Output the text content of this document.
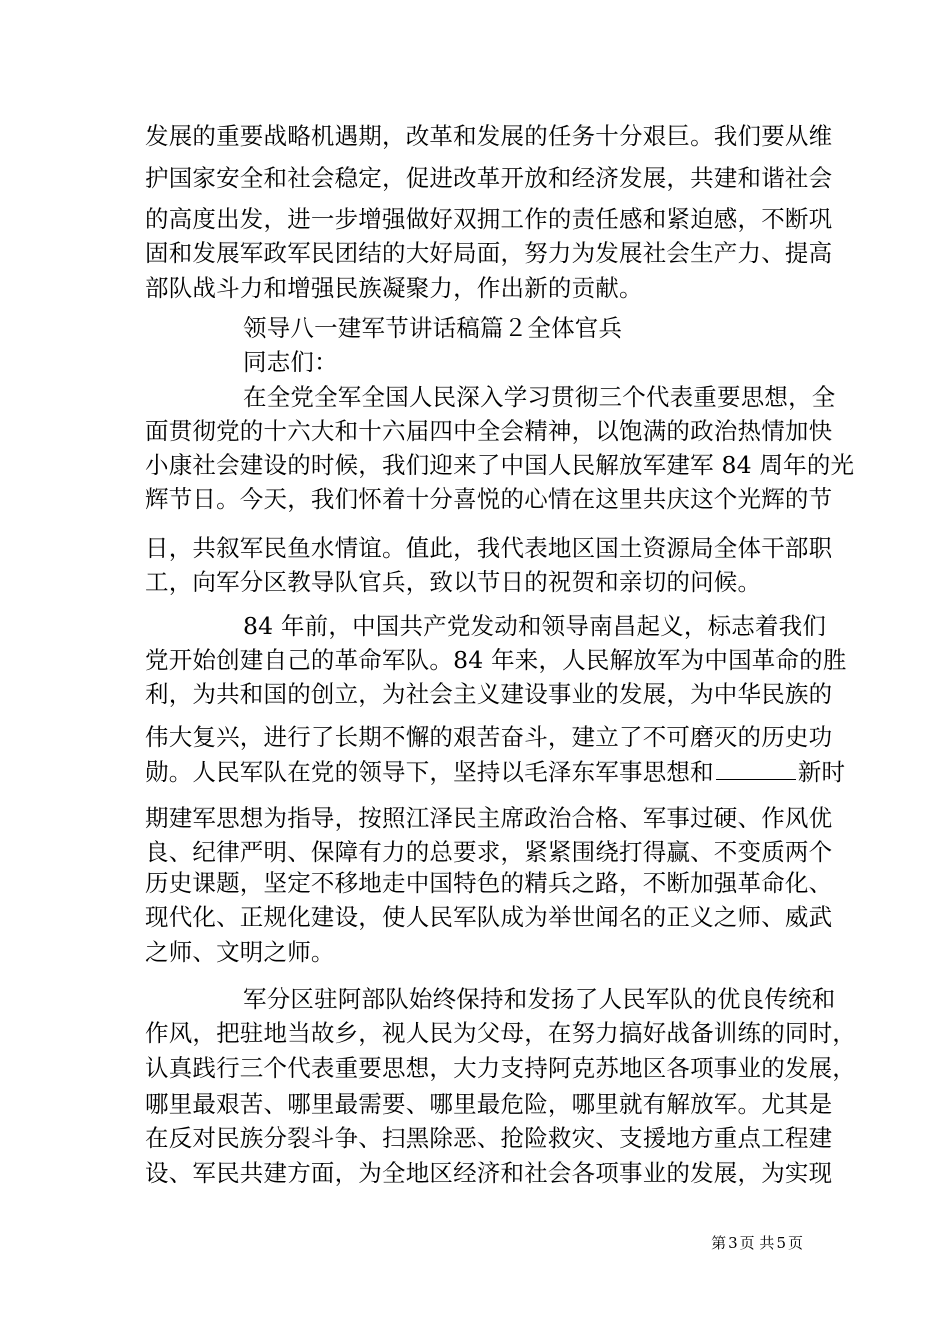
发展的重要战略机遇期，改革和发展的任务十分艰巨。我们要从维
护国家安全和社会稳定，促进改革开放和经济发展，共建和谐社会
的高度出发，进一步增强做好双拥工作的责任感和紧迫感，不断巩
固和发展军政军民团结的大好局面，努力为发展社会生产力、提高
部队战斗力和增强民族凝聚力，作出新的贡献。
领导八一建军节讲话稿篇２全体官兵
同志们：
在全党全军全国人民深入学习贯彻三个代表重要思想，全
面贯彻党的十六大和十六届四中全会精神，以饱满的政治热情加快
小康社会建设的时候，我们迎来了中国人民解放军建军 84 周年的光
辉节日。今天，我们怀着十分喜悦的心情在这里共庆这个光辉的节
日，共叙军民鱼水情谊。值此，我代表地区国土资源局全体干部职
工，向军分区教导队官兵，致以节日的祝贺和亲切的问候。
84 年前，中国共产党发动和领导南昌起义，标志着我们
党开始创建自己的革命军队。84 年来，人民解放军为中国革命的胜
利，为共和国的创立，为社会主义建设事业的发展，为中华民族的
伟大复兴，进行了长期不懈的艰苦奋斗，建立了不可磨灭的历史功
勋。人民军队在党的领导下，坚持以毛泽东军事思想和	新时
期建军思想为指导，按照江泽民主席政治合格、军事过硬、作风优
良、纪律严明、保障有力的总要求，紧紧围绕打得赢、不变质两个
历史课题，坚定不移地走中国特色的精兵之路，不断加强革命化、
现代化、正规化建设，使人民军队成为举世闻名的正义之师、威武
之师、文明之师。
军分区驻阿部队始终保持和发扬了人民军队的优良传统和
作风，把驻地当故乡，视人民为父母，在努力搞好战备训练的同时，
认真践行三个代表重要思想，大力支持阿克苏地区各项事业的发展，
哪里最艰苦、哪里最需要、哪里最危险，哪里就有解放军。尤其是
在反对民族分裂斗争、扫黑除恶、抢险救灾、支援地方重点工程建
设、军民共建方面，为全地区经济和社会各项事业的发展，为实现
第 3 页 共 5 页
